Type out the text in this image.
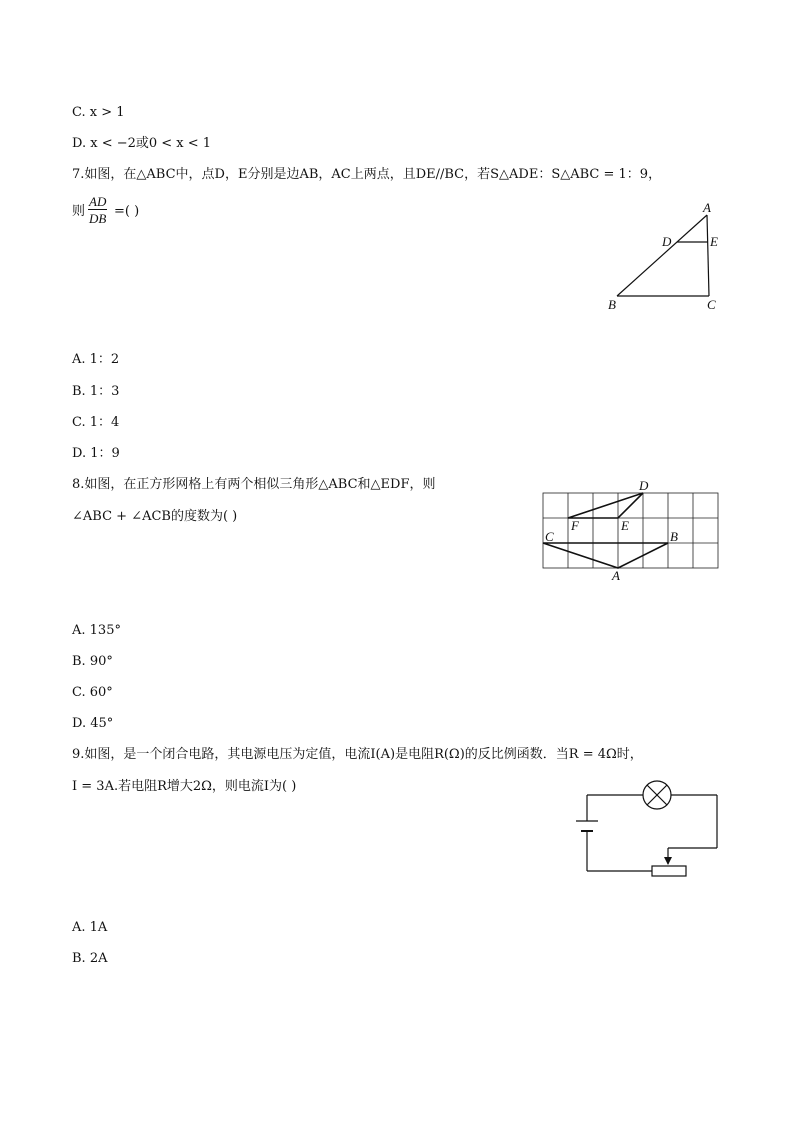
C. x > 1
D. x < −2或0 < x < 1
7.如图，在△ABC中，点D，E分别是边AB，AC上两点，且DE//BC，若S△ADE：S△ABC = 1：9，
则 $\frac{AD}{DB}$ =( )	A
D	E
B	C
A. 1：2
B. 1：3
C. 1：4
D. 1：9
8.如图，在正方形网格上有两个相似三角形△ABC和△EDF，则
∠ABC + ∠ACB的度数为( )
D
F	E
C	B
A
A. 135°
B. 90°
C. 60°
D. 45°
9.如图，是一个闭合电路，其电源电压为定值，电流I(A)是电阻R(Ω)的反比例函数．当R = 4Ω时，
I = 3A.若电阻R增大2Ω，则电流I为( )
A. 1A
B. 2A
